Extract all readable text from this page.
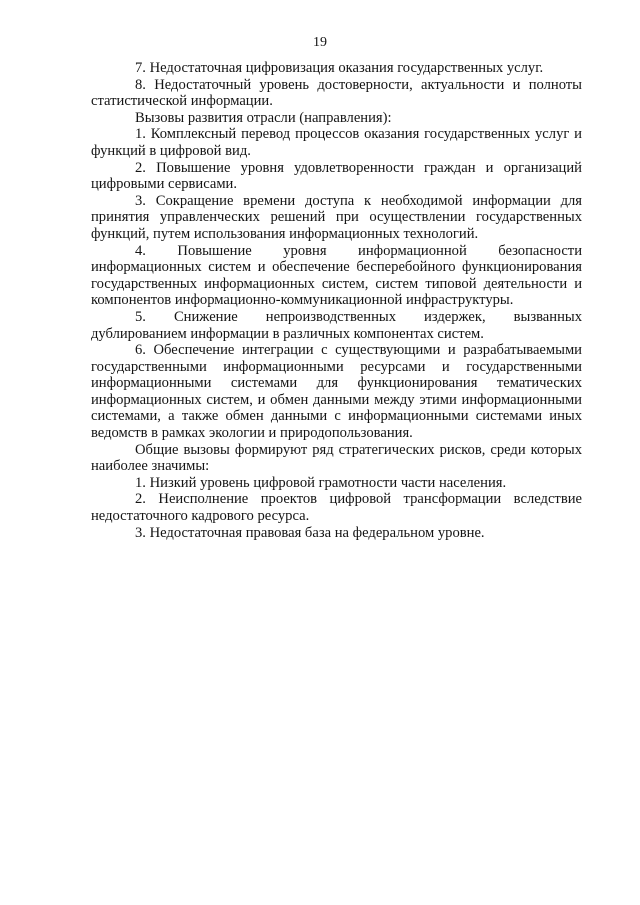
19

7. Недостаточная цифровизация оказания государственных услуг.

8. Недостаточный уровень достоверности, актуальности и полноты статистической информации.

Вызовы развития отрасли (направления):

1. Комплексный перевод процессов оказания государственных услуг и функций в цифровой вид.

2. Повышение уровня удовлетворенности граждан и организаций цифровыми сервисами.

3. Сокращение времени доступа к необходимой информации для принятия управленческих решений при осуществлении государственных функций, путем использования информационных технологий.

4. Повышение уровня информационной безопасности информационных систем и обеспечение бесперебойного функционирования государственных информационных систем, систем типовой деятельности и компонентов информационно-коммуникационной инфраструктуры.

5. Снижение непроизводственных издержек, вызванных дублированием информации в различных компонентах систем.

6. Обеспечение интеграции с существующими и разрабатываемыми государственными информационными ресурсами и государственными информационными системами для функционирования тематических информационных систем, и обмен данными между этими информационными системами, а также обмен данными с информационными системами иных ведомств в рамках экологии и природопользования.

Общие вызовы формируют ряд стратегических рисков, среди которых наиболее значимы:

1. Низкий уровень цифровой грамотности части населения.

2. Неисполнение проектов цифровой трансформации вследствие недостаточного кадрового ресурса.

3. Недостаточная правовая база на федеральном уровне.
